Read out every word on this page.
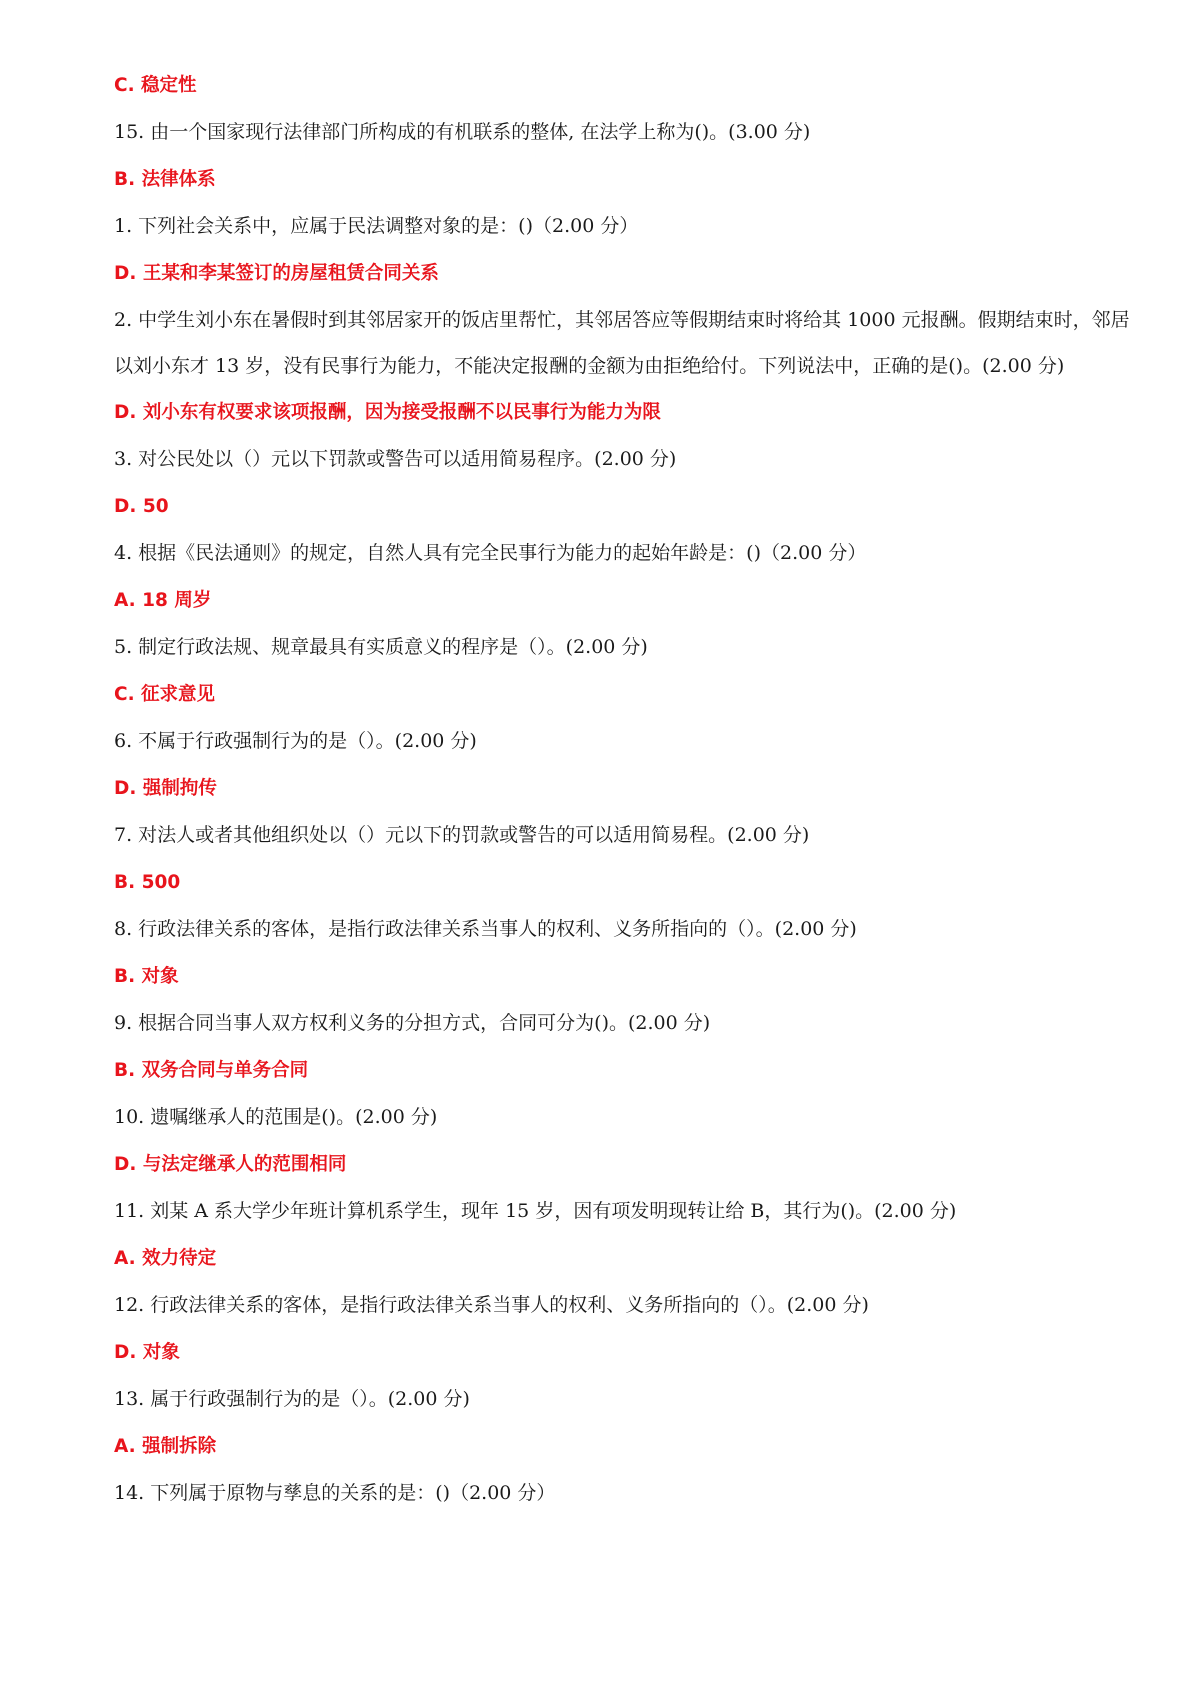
C. 稳定性

15. 由一个国家现行法律部门所构成的有机联系的整体, 在法学上称为()。(3.00 分)

B. 法律体系

1. 下列社会关系中，应属于民法调整对象的是：()（2.00 分）

D. 王某和李某签订的房屋租赁合同关系

2. 中学生刘小东在暑假时到其邻居家开的饭店里帮忙，其邻居答应等假期结束时将给其 1000 元报酬。假期结束时，邻居以刘小东才 13 岁，没有民事行为能力，不能决定报酬的金额为由拒绝给付。下列说法中，正确的是()。(2.00 分)

D. 刘小东有权要求该项报酬，因为接受报酬不以民事行为能力为限

3. 对公民处以（）元以下罚款或警告可以适用简易程序。(2.00 分)

D. 50

4. 根据《民法通则》的规定，自然人具有完全民事行为能力的起始年龄是：()（2.00 分）

A. 18 周岁

5. 制定行政法规、规章最具有实质意义的程序是（）。(2.00 分)

C. 征求意见

6. 不属于行政强制行为的是（）。(2.00 分)

D. 强制拘传

7. 对法人或者其他组织处以（）元以下的罚款或警告的可以适用简易程。(2.00 分)

B. 500

8. 行政法律关系的客体，是指行政法律关系当事人的权利、义务所指向的（）。(2.00 分)

B. 对象

9. 根据合同当事人双方权利义务的分担方式，合同可分为()。(2.00 分)

B. 双务合同与单务合同

10. 遗嘱继承人的范围是()。(2.00 分)

D. 与法定继承人的范围相同

11. 刘某 A 系大学少年班计算机系学生，现年 15 岁，因有项发明现转让给 B，其行为()。(2.00 分)

A. 效力待定

12. 行政法律关系的客体，是指行政法律关系当事人的权利、义务所指向的（）。(2.00 分)

D. 对象

13. 属于行政强制行为的是（）。(2.00 分)

A. 强制拆除

14. 下列属于原物与孳息的关系的是：()（2.00 分）
